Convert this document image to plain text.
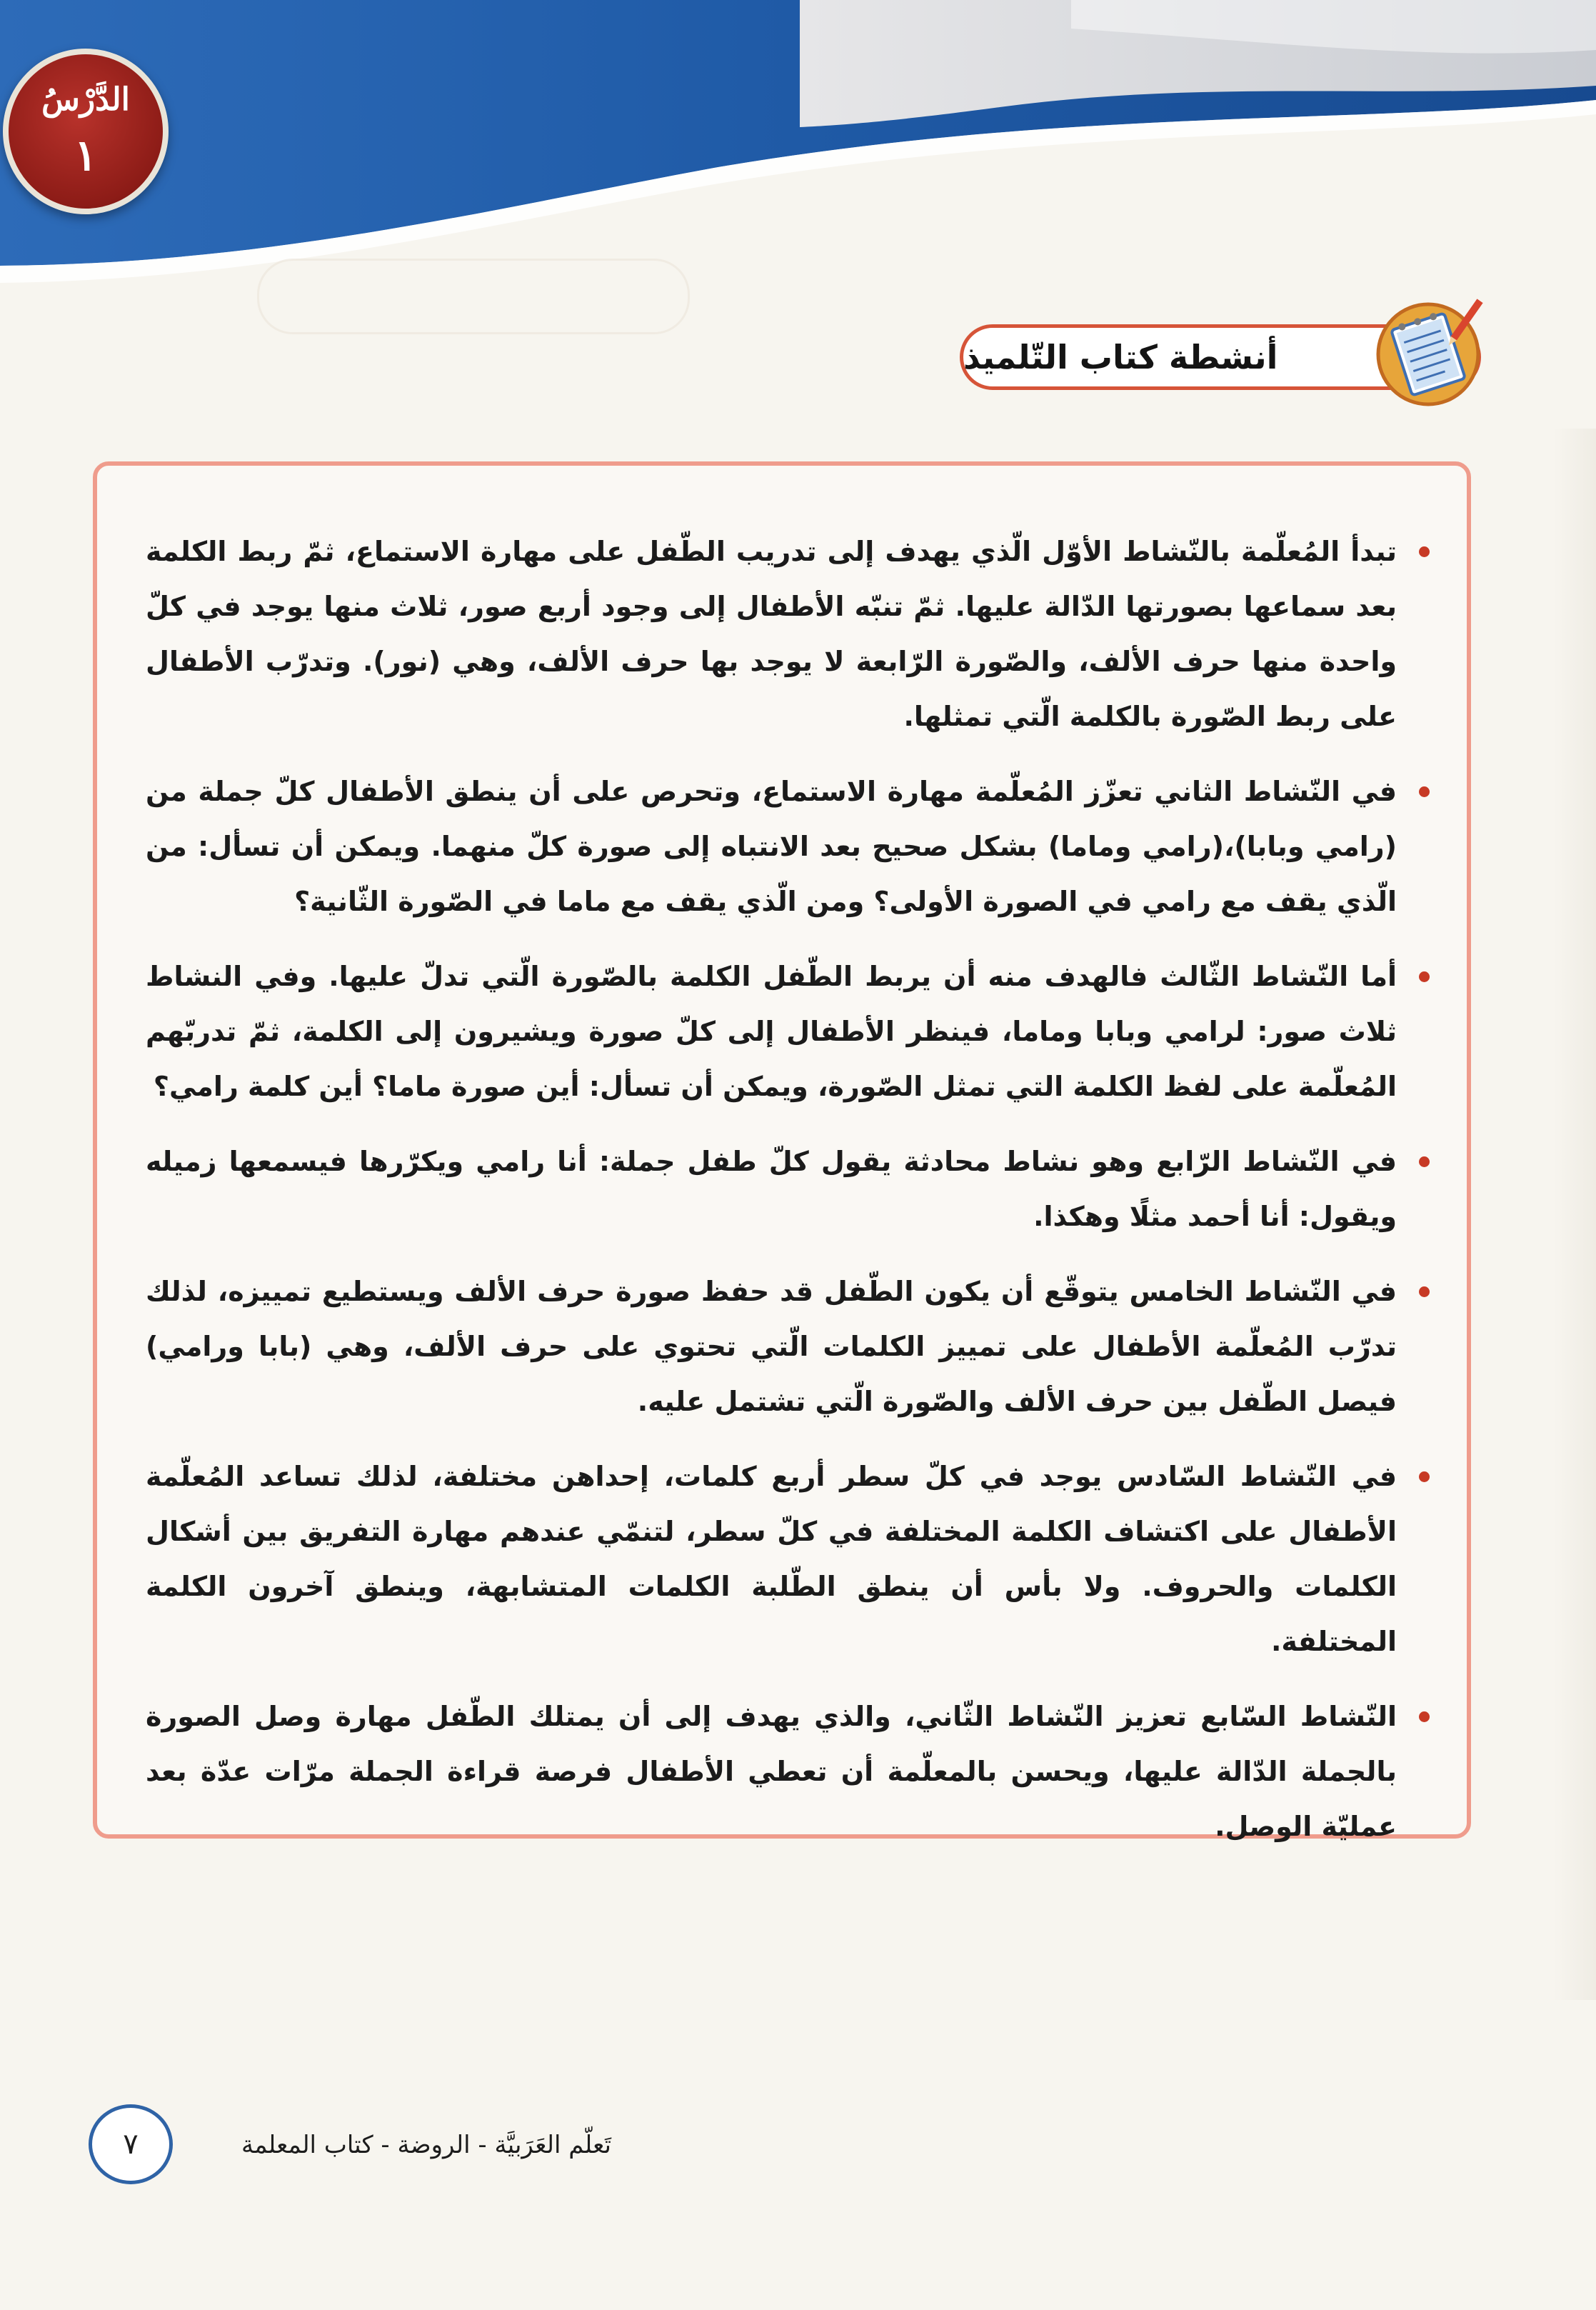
الدَّرْسُ
١
أنشطة كتاب التّلميذ

تبدأ المُعلّمة بالنّشاط الأوّل الّذي يهدف إلى تدريب الطّفل على مهارة الاستماع، ثمّ ربط الكلمة بعد سماعها بصورتها الدّالة عليها. ثمّ تنبّه الأطفال إلى وجود أربع صور، ثلاث منها يوجد في كلّ واحدة منها حرف الألف، والصّورة الرّابعة لا يوجد بها حرف الألف، وهي (نور). وتدرّب الأطفال على ربط الصّورة بالكلمة الّتي تمثلها.

في النّشاط الثاني تعزّز المُعلّمة مهارة الاستماع، وتحرص على أن ينطق الأطفال كلّ جملة من (رامي وبابا)،(رامي وماما) بشكل صحيح بعد الانتباه إلى صورة كلّ منهما. ويمكن أن تسأل: من الّذي يقف مع رامي في الصورة الأولى؟ ومن الّذي يقف مع ماما في الصّورة الثّانية؟

أما النّشاط الثّالث فالهدف منه أن يربط الطّفل الكلمة بالصّورة الّتي تدلّ عليها. وفي النشاط ثلاث صور: لرامي وبابا وماما، فينظر الأطفال إلى كلّ صورة ويشيرون إلى الكلمة، ثمّ تدربّهم المُعلّمة على لفظ الكلمة التي تمثل الصّورة، ويمكن أن تسأل: أين صورة ماما؟ أين كلمة رامي؟

في النّشاط الرّابع وهو نشاط محادثة يقول كلّ طفل جملة: أنا رامي ويكرّرها فيسمعها زميله ويقول: أنا أحمد مثلًا وهكذا.

في النّشاط الخامس يتوقّع أن يكون الطّفل قد حفظ صورة حرف الألف ويستطيع تمييزه، لذلك تدرّب المُعلّمة الأطفال على تمييز الكلمات الّتي تحتوي على حرف الألف، وهي (بابا ورامي) فيصل الطّفل بين حرف الألف والصّورة الّتي تشتمل عليه.

في النّشاط السّادس يوجد في كلّ سطر أربع كلمات، إحداهن مختلفة، لذلك تساعد المُعلّمة الأطفال على اكتشاف الكلمة المختلفة في كلّ سطر، لتنمّي عندهم مهارة التفريق بين أشكال الكلمات والحروف. ولا بأس أن ينطق الطّلبة الكلمات المتشابهة، وينطق آخرون الكلمة المختلفة.

النّشاط السّابع تعزيز النّشاط الثّاني، والذي يهدف إلى أن يمتلك الطّفل مهارة وصل الصورة بالجملة الدّالة عليها، ويحسن بالمعلّمة أن تعطي الأطفال فرصة قراءة الجملة مرّات عدّة بعد عمليّة الوصل.

٧	تَعلّم العَرَبيَّة - الروضة - كتاب المعلمة
